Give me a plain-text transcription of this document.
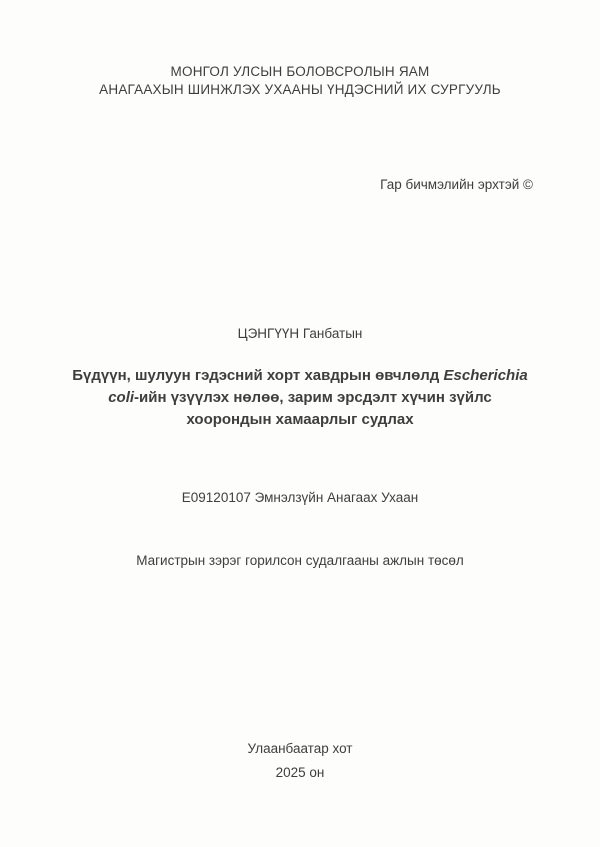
МОНГОЛ УЛСЫН БОЛОВСРОЛЫН ЯАМ
АНАГААХЫН ШИНЖЛЭХ УХААНЫ ҮНДЭСНИЙ ИХ СУРГУУЛЬ
Гар бичмэлийн эрхтэй ©
ЦЭНГҮҮН Ганбатын
Бүдүүн, шулуун гэдэсний хорт хавдрын өвчлөлд Escherichia
coli-ийн үзүүлэх нөлөө, зарим эрсдэлт хүчин зүйлс
хоорондын хамаарлыг судлах
Е09120107 Эмнэлзүйн Анагаах Ухаан
Магистрын зэрэг горилсон судалгааны ажлын төсөл
Улаанбаатар хот
2025 он
